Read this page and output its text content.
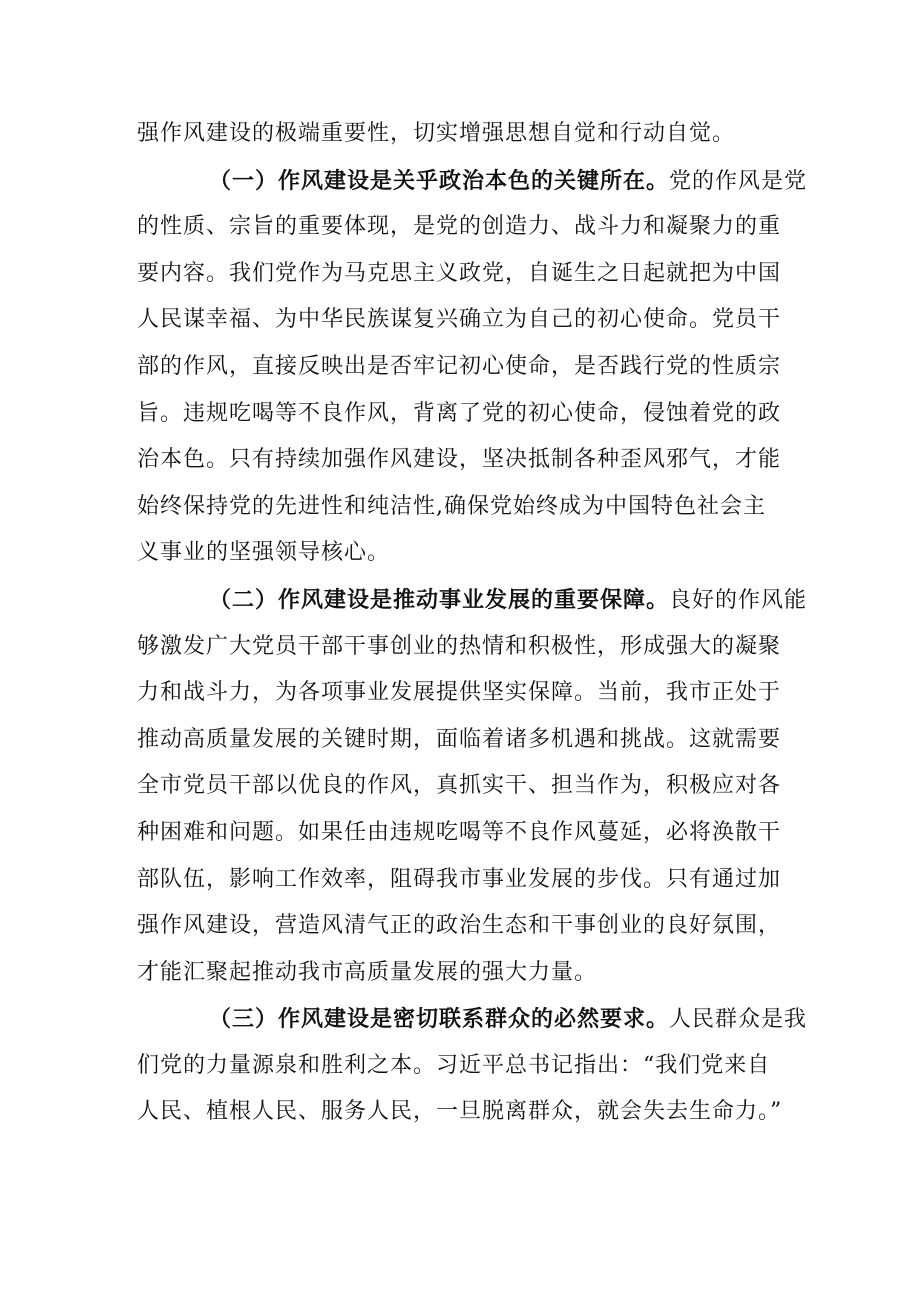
强作风建设的极端重要性，切实增强思想自觉和行动自觉。
（一）作风建设是关乎政治本色的关键所在。党的作风是党
的性质、宗旨的重要体现，是党的创造力、战斗力和凝聚力的重
要内容。我们党作为马克思主义政党，自诞生之日起就把为中国
人民谋幸福、为中华民族谋复兴确立为自己的初心使命。党员干
部的作风，直接反映出是否牢记初心使命，是否践行党的性质宗
旨。违规吃喝等不良作风，背离了党的初心使命，侵蚀着党的政
治本色。只有持续加强作风建设，坚决抵制各种歪风邪气，才能
始终保持党的先进性和纯洁性,确保党始终成为中国特色社会主
义事业的坚强领导核心。
（二）作风建设是推动事业发展的重要保障。良好的作风能
够激发广大党员干部干事创业的热情和积极性，形成强大的凝聚
力和战斗力，为各项事业发展提供坚实保障。当前，我市正处于
推动高质量发展的关键时期，面临着诸多机遇和挑战。这就需要
全市党员干部以优良的作风，真抓实干、担当作为，积极应对各
种困难和问题。如果任由违规吃喝等不良作风蔓延，必将涣散干
部队伍，影响工作效率，阻碍我市事业发展的步伐。只有通过加
强作风建设，营造风清气正的政治生态和干事创业的良好氛围，
才能汇聚起推动我市高质量发展的强大力量。
（三）作风建设是密切联系群众的必然要求。人民群众是我
们党的力量源泉和胜利之本。习近平总书记指出：“我们党来自
人民、植根人民、服务人民，一旦脱离群众，就会失去生命力。”
